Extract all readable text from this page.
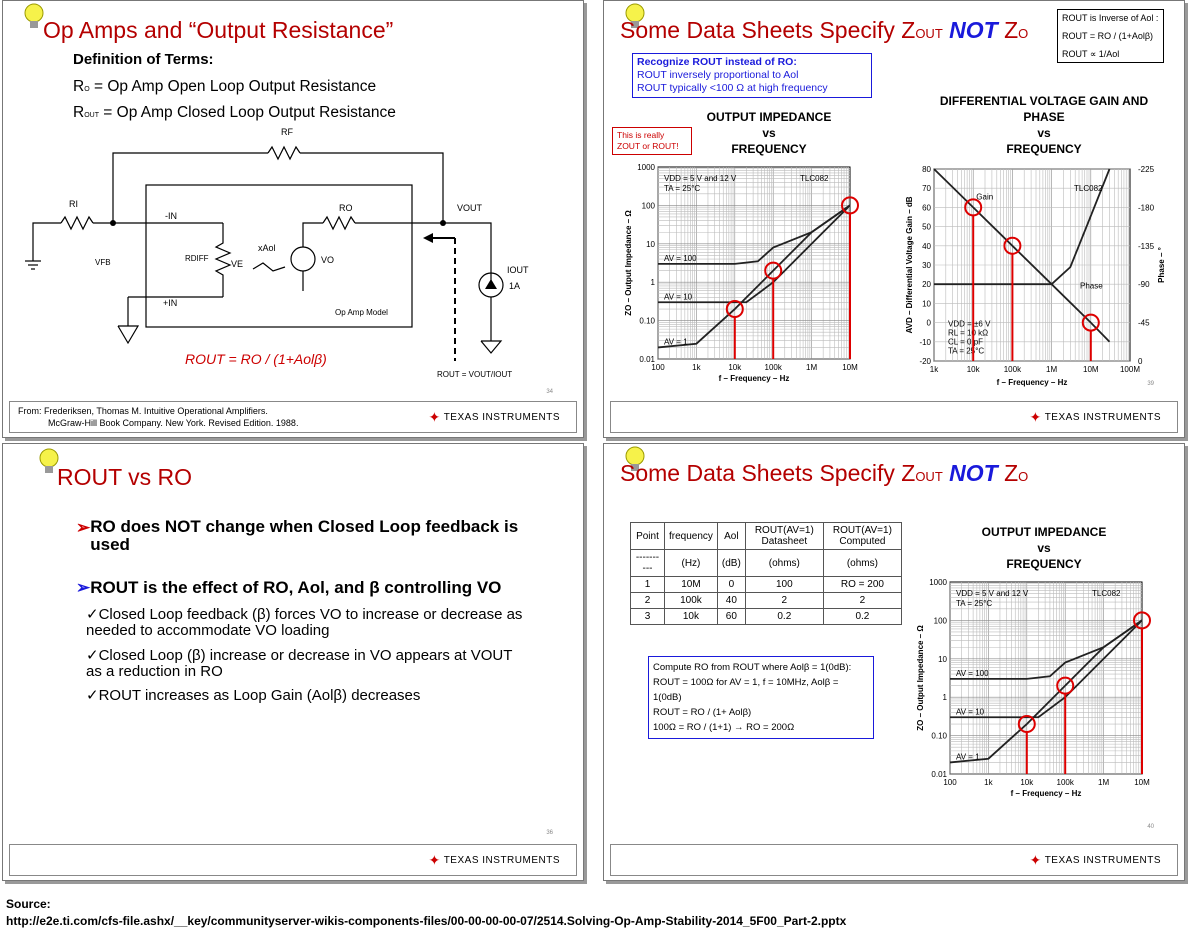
Op Amps and “Output Resistance”
Definition of Terms:
RO = Op Amp Open Loop Output Resistance
ROUT = Op Amp Closed Loop Output Resistance
RF
RI
-IN
+IN
RDIFF
VE
xAol
VO
RO	VOUT
IOUT
1A
VFB
Op Amp Model
ROUT = VOUT/IOUT
ROUT = RO / (1+Aolβ)
34
From: Frederiksen, Thomas M. Intuitive Operational Amplifiers.
McGraw-Hill Book Company. New York. Revised Edition. 1988.	✦ TEXAS INSTRUMENTS
Some Data Sheets Specify ZOUT NOT ZO
Recognize ROUT instead of RO:
ROUT inversely proportional to Aol
ROUT typically <100 Ω at high frequency
ROUT is Inverse of Aol :
ROUT = RO / (1+Aolβ)
ROUT ∝ 1/Aol
This is really ZOUT or ROUT!
OUTPUT IMPEDANCE
vs
FREQUENCY
DIFFERENTIAL VOLTAGE GAIN AND
PHASE
vs
FREQUENCY
100	1k	10k	100k	1M	10M
0.01
0.10
1
10
100
1000
f – Frequency – Hz
ZO – Output Impedance – Ω	AV = 100
AV = 10
AV = 1
VDD = 5 V and 12 V
TA = 25°C
TLC082
-20
-10
0
10
20
30
40
50
60
70
80
0
-45
-90
-135
-180
-225
1k	10k	100k	1M	10M	100M
f – Frequency – Hz
AVD – Differential Voltage Gain – dB	Phase – °
TLC082
Gain
Phase
VDD = ±6 V
RL = 10 kΩ
CL = 0 pF
TA = 25°C
39
✦ TEXAS INSTRUMENTS
ROUT vs RO
➢RO does NOT change when Closed Loop feedback is used
➢ROUT is the effect of RO, Aol, and β controlling VO
✓Closed Loop feedback (β) forces VO to increase or decrease as needed to accommodate VO loading
✓Closed Loop (β) increase or decrease in VO appears at VOUT as a reduction in RO
✓ROUT increases as Loop Gain (Aolβ) decreases
36
✦ TEXAS INSTRUMENTS
Some Data Sheets Specify ZOUT NOT ZO
Point	frequency	Aol	ROUT(AV=1) Datasheet	ROUT(AV=1) Computed
----------	(Hz)	(dB)	(ohms)	(ohms)
1	10M	0	100	RO = 200
2	100k	40	2	2
3	10k	60	0.2	0.2
Compute RO from ROUT where Aolβ = 1(0dB):
ROUT = 100Ω for AV = 1, f = 10MHz, Aolβ = 1(0dB)
ROUT = RO / (1+ Aolβ)
100Ω = RO / (1+1) → RO = 200Ω
OUTPUT IMPEDANCE
vs
FREQUENCY
100	1k	10k	100k	1M	10M
0.01
0.10
1
10
100
1000
f – Frequency – Hz
ZO – Output Impedance – Ω	AV = 100
AV = 10
AV = 1
VDD = 5 V and 12 V
TA = 25°C
TLC082
40
✦ TEXAS INSTRUMENTS
Source:
http://e2e.ti.com/cfs-file.ashx/__key/communityserver-wikis-components-files/00-00-00-00-07/2514.Solving-Op-Amp-Stability-2014_5F00_Part-2.pptx
